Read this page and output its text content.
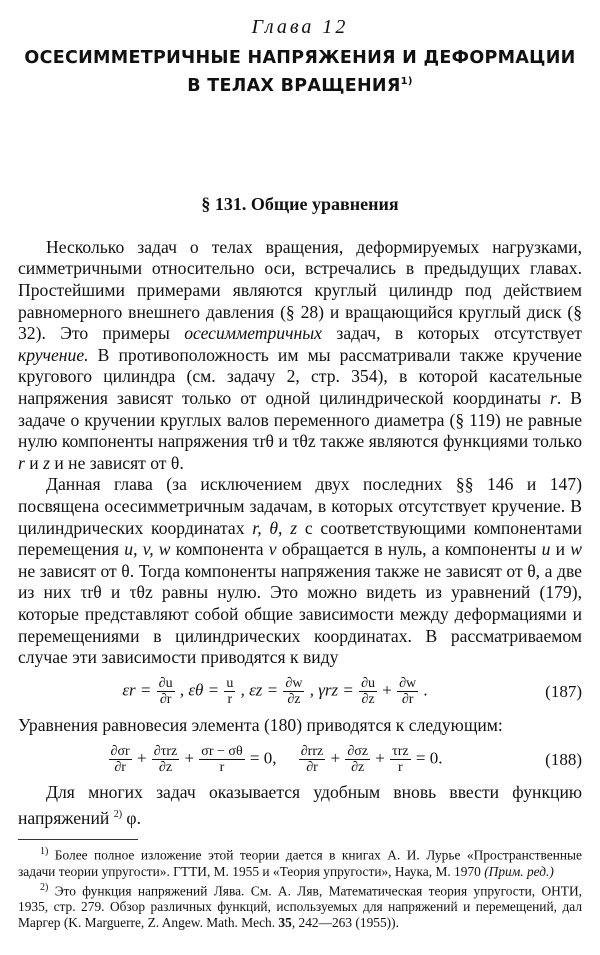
Глава 12
ОСЕСИММЕТРИЧНЫЕ НАПРЯЖЕНИЯ И ДЕФОРМАЦИИ
В ТЕЛАХ ВРАЩЕНИЯ$^{1)}$
§ 131. Общие уравнения

Несколько задач о телах вращения, деформируемых нагрузками, симметричными относительно оси, встречались в предыдущих главах. Простейшими примерами являются круглый цилиндр под действием равномерного внешнего давления (§ 28) и вращающийся круглый диск (§ 32). Это примеры осесимметричных задач, в которых отсутствует кручение. В противоположность им мы рассматривали также кручение кругового цилиндра (см. задачу 2, стр. 354), в которой касательные напряжения зависят только от одной цилиндрической координаты r. В задаче о кручении круглых валов переменного диаметра (§ 119) не равные нулю компоненты напряжения τrθ и τθz также являются функциями только r и z и не зависят от θ.

Данная глава (за исключением двух последних §§ 146 и 147) посвящена осесимметричным задачам, в которых отсутствует кручение. В цилиндрических координатах r, θ, z с соответствующими компонентами перемещения u, v, w компонента v обращается в нуль, а компоненты u и w не зависят от θ. Тогда компоненты напряжения также не зависят от θ, а две из них τrθ и τθz равны нулю. Это можно видеть из уравнений (179), которые представляют собой общие зависимости между деформациями и перемещениями в цилиндрических координатах. В рассматриваемом случае эти зависимости приводятся к виду

$\varepsilon r = \frac{\partial u}{\partial r}$ , $\varepsilon\theta = \frac{u}{r}$ , $\varepsilon z = \frac{\partial w}{\partial z}$ , $\gamma rz = \frac{\partial u}{\partial z} + \frac{\partial w}{\partial r}$ .	(187)

Уравнения равновесия элемента (180) приводятся к следующим:

$\frac{\partial\sigma r}{\partial r} + \frac{\text{∂τrz}}{\partial z} + \frac{\sigma r - \sigma\theta}{r} = 0$, $\frac{\text{∂rrz}}{\partial r} + \frac{\partial\sigma z}{\partial z} + \frac{\text{τrz}}{r} = 0$.	(188)

Для многих задач оказывается удобным вновь ввести функцию напряжений $^{2)}$ φ.

$^{1)}$ Более полное изложение этой теории дается в книгах А. И. Лурье «Пространственные задачи теории упругости». ГТТИ, М. 1955 и «Теория упругости», Наука, М. 1970 (Прим. ред.)

$^{2)}$ Это функция напряжений Лява. См. А. Ляв, Математическая теория упругости, ОНТИ, 1935, стр. 279. Обзор различных функций, используемых для напряжений и перемещений, дал Маргер (K. Marguerre, Z. Angew. Math. Mech. 35, 242—263 (1955)).
